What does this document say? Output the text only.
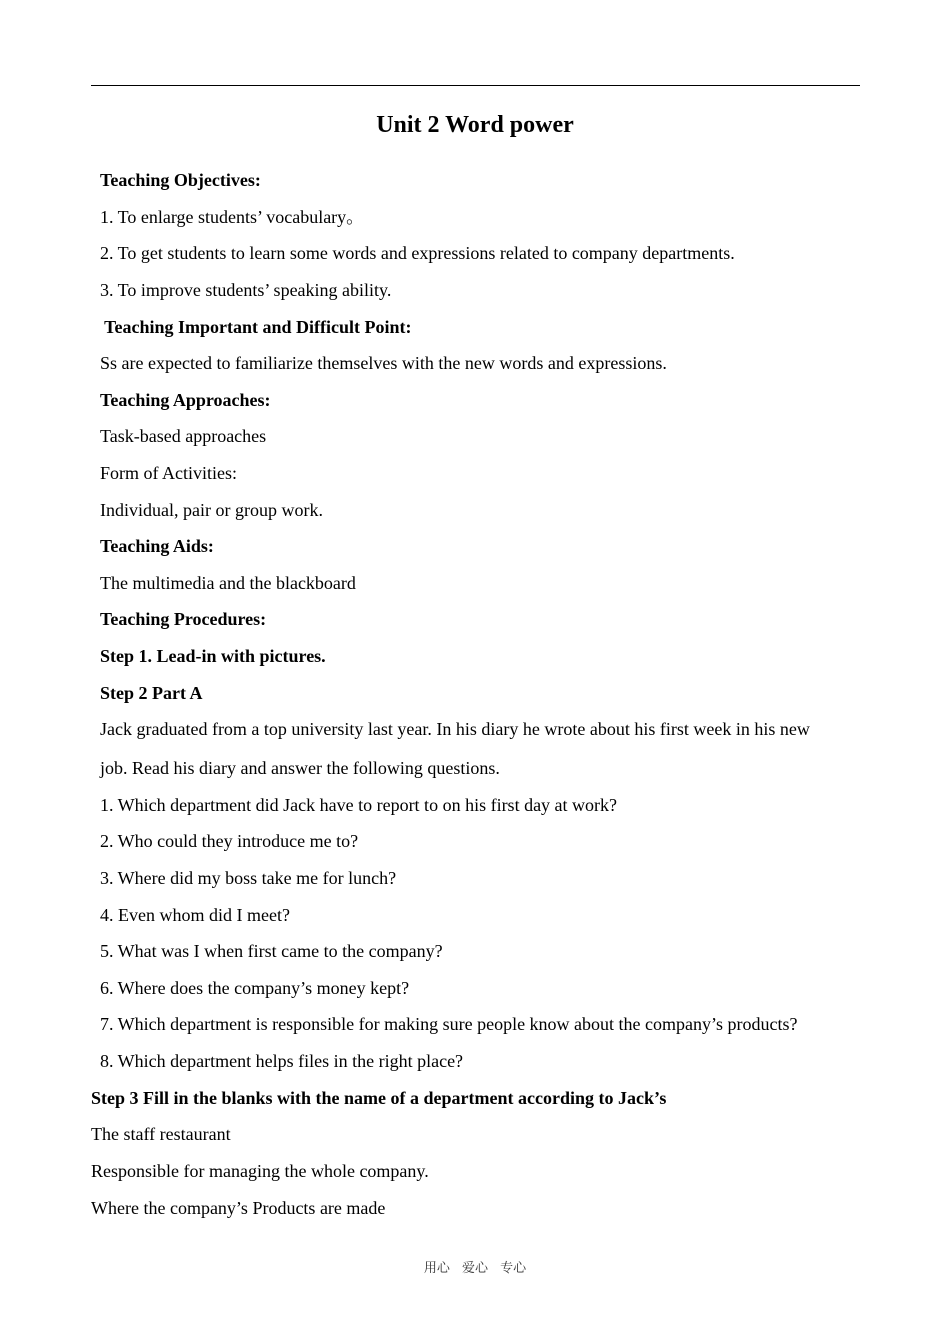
Unit 2 Word power
Teaching Objectives:
1. To enlarge students’ vocabulary。
2. To get students to learn some words and expressions related to company departments.
3. To improve students’ speaking ability.
Teaching Important and Difficult Point:
Ss are expected to familiarize themselves with the new words and expressions.
Teaching Approaches:
Task-based approaches
Form of Activities:
Individual, pair or group work.
Teaching Aids:
The multimedia and the blackboard
Teaching Procedures:
Step 1. Lead-in with pictures.
Step 2 Part A
Jack graduated from a top university last year. In his diary he wrote about his first week in his new
job. Read his diary and answer the following questions.
1. Which department did Jack have to report to on his first day at work?
2. Who could they introduce me to?
3. Where did my boss take me for lunch?
4. Even whom did I meet?
5. What was I when first came to the company?
6. Where does the company’s money kept?
7. Which department is responsible for making sure people know about the company’s products?
8. Which department helps files in the right place?
Step 3 Fill in the blanks with the name of a department according to Jack’s
The staff restaurant
Responsible for managing the whole company.
Where the company’s Products are made
用心 爱心 专心
